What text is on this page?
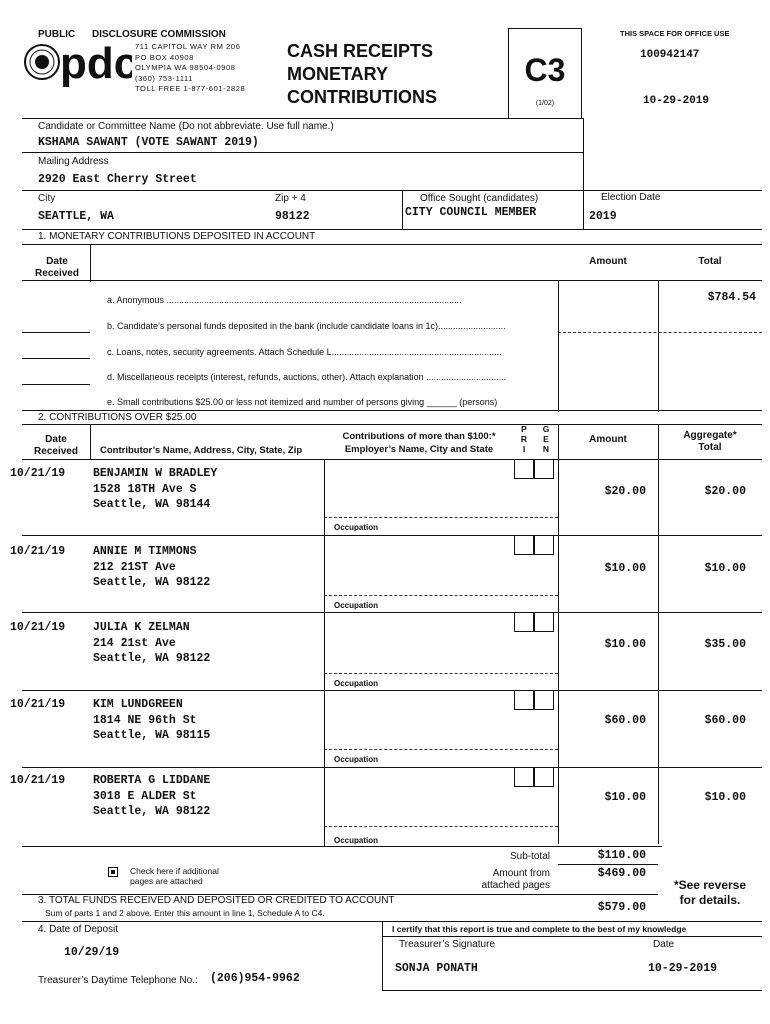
PUBLIC DISCLOSURE COMMISSION
pdc
711 CAPITOL WAY RM 206
PO BOX 40908
OLYMPIA WA 98504-0908
(360) 753-1111
TOLL FREE 1-877-601-2828
CASH RECEIPTS
MONETARY
CONTRIBUTIONS
C3
(1/02)
THIS SPACE FOR OFFICE USE
100942147
10-29-2019
Candidate or Committee Name (Do not abbreviate. Use full name.)
KSHAMA SAWANT (VOTE SAWANT 2019)
Mailing Address
2920 East Cherry Street
City
SEATTLE, WA
Zip + 4
98122
Office Sought (candidates)
CITY COUNCIL MEMBER
Election Date
2019
1. MONETARY CONTRIBUTIONS DEPOSITED IN ACCOUNT
Date
Received
Amount	Total
a. Anonymous ......................................................................................................................	$784.54
b. Candidate’s personal funds deposited in the bank (include candidate loans in 1c)...........................
c. Loans, notes, security agreements. Attach Schedule L....................................................................
d. Miscellaneous receipts (interest, refunds, auctions, other). Attach explanation ................................
e. Small contributions $25.00 or less not itemized and number of persons giving ______ (persons)
2. CONTRIBUTIONS OVER $25.00
Date
Received	Contributor’s Name, Address, City, State, Zip
Contributions of more than $100:*
Employer’s Name, City and State
P
R
I
G
E
N
Amount	Aggregate*
Total
10/21/19 BENJAMIN W BRADLEY
1528 18TH Ave S
Seattle, WA 98144
$20.00	$20.00
Occupation
10/21/19 ANNIE M TIMMONS
212 21ST Ave
Seattle, WA 98122
$10.00	$10.00
Occupation
10/21/19 JULIA K ZELMAN
214 21st Ave
Seattle, WA 98122
$10.00	$35.00
Occupation
10/21/19 KIM LUNDGREEN
1814 NE 96th St
Seattle, WA 98115
$60.00	$60.00
Occupation
10/21/19 ROBERTA G LIDDANE
3018 E ALDER St
Seattle, WA 98122
$10.00	$10.00
Occupation
Check here if additional
pages are attached
Sub-total	$110.00
Amount from
attached pages
$469.00
3. TOTAL FUNDS RECEIVED AND DEPOSITED OR CREDITED TO ACCOUNT
Sum of parts 1 and 2 above. Enter this amount in line 1, Schedule A to C4.	$579.00
*See reverse
for details.
4. Date of Deposit
10/29/19
Treasurer’s Daytime Telephone No.: (206)954-9962
I certify that this report is true and complete to the best of my knowledge
Treasurer’s Signature	Date
SONJA PONATH	10-29-2019
